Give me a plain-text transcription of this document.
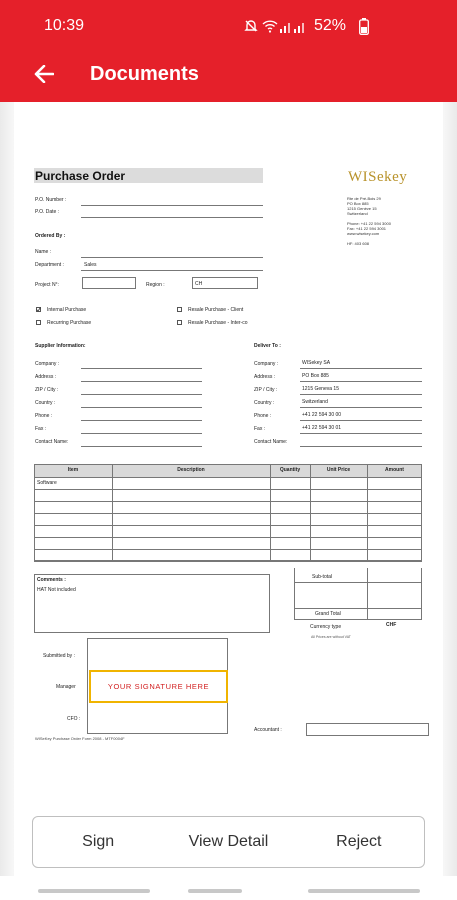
10:39	52%
Documents
Purchase Order	WISekey
Rte de Pré-Bois 29
PO Box 885
1215 Genève 15
Switzerland
Phone: +41 22 594 3000
Fax: +41 22 594 3001
www.wisekey.com
HF: 403 608
P.O. Number :
P.O. Date :
Ordered By :
Name :
Department :	Sales
Project N°:	Region :	CH
Internal Purchase	Resale Purchase - Client
Recurring Purchase	Resale Purchase - Inter-co
Supplier Information:	Deliver To :
Company :
Address :
ZIP / City :
Country :
Phone :
Fax :
Contact Name:
Company :	WISekey SA
Address :	PO Box 885
ZIP / City :	1215 Geneva 15
Country :	Switzerland
Phone :	+41 22 594 30 00
Fax :	+41 22 594 30 01
Contact Name:
Item	Description	Quantity	Unit Price	Amount
Software
Comments :
HAT Not included
Sub-total
Grand Total
Currency type	CHF
All Prices are without VAT
Submitted by :
Manager	YOUR SIGNATURE HERE
CFO :
Accountant :
WISeKey Purchase Order Form 2008 - MTF0004F
Sign	View Detail	Reject
